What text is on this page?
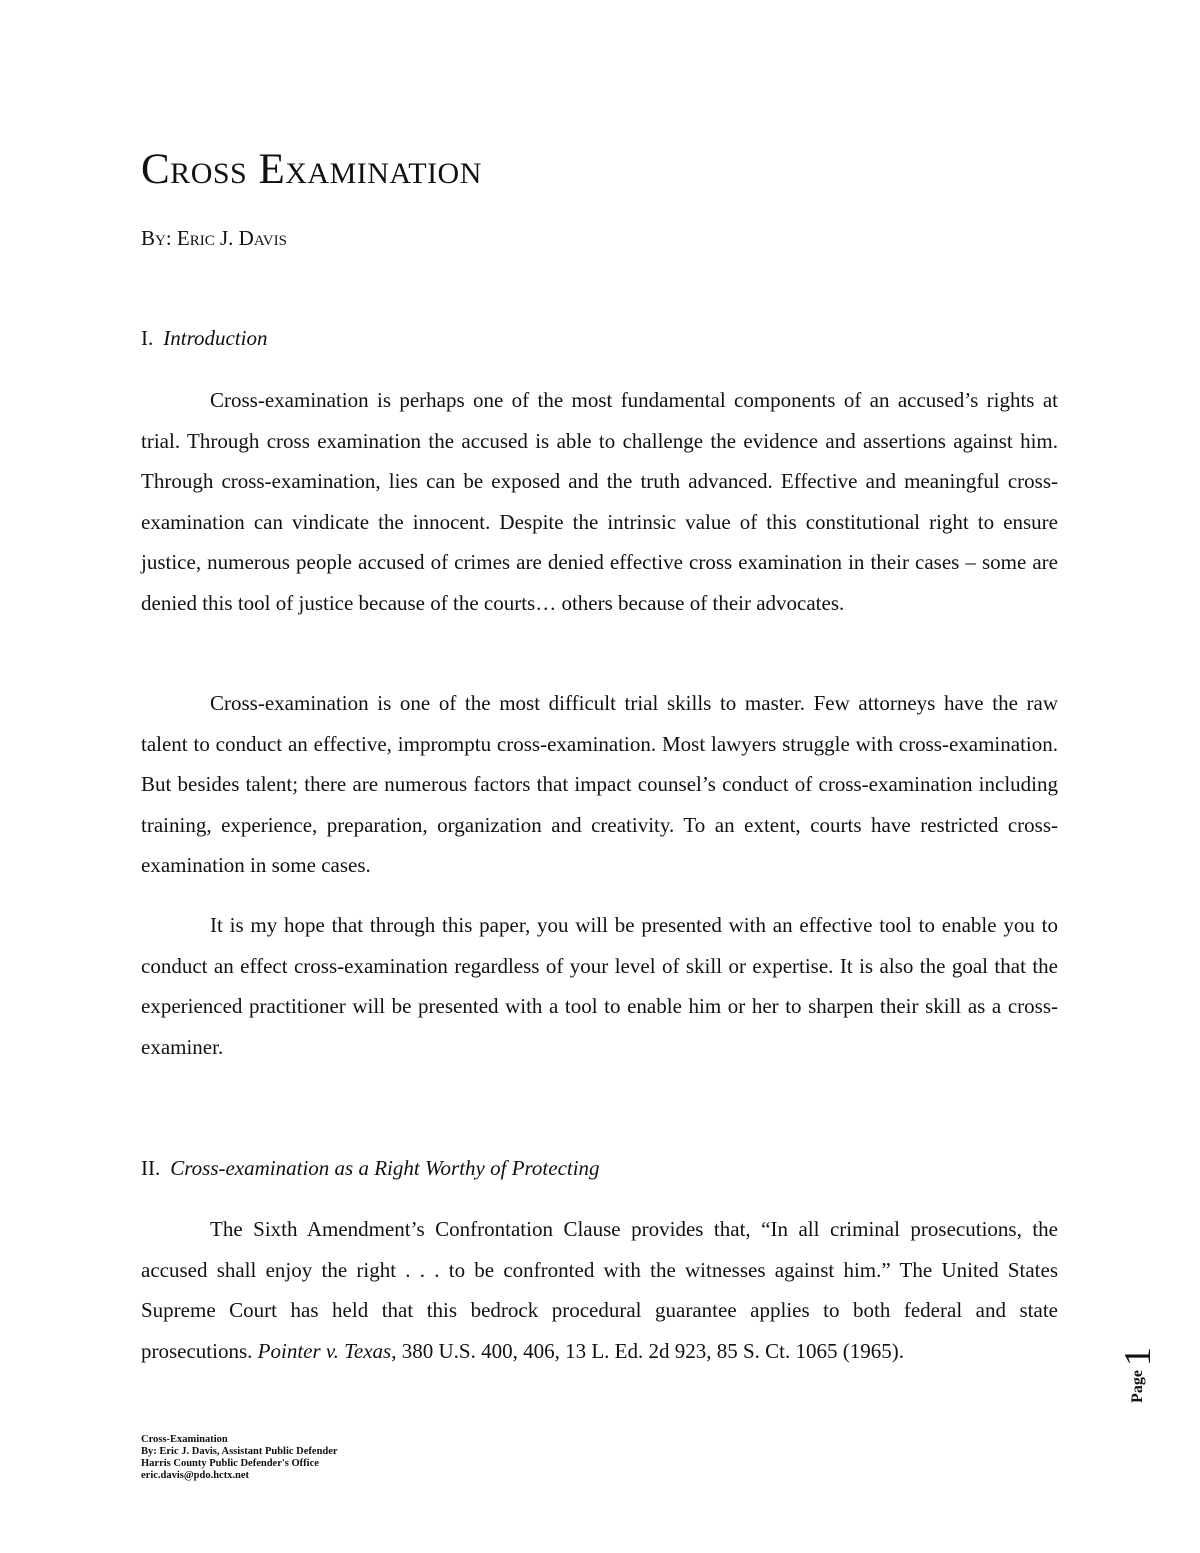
Cross Examination

By: Eric J. Davis

I. Introduction

Cross-examination is perhaps one of the most fundamental components of an accused’s rights at trial. Through cross examination the accused is able to challenge the evidence and assertions against him. Through cross-examination, lies can be exposed and the truth advanced. Effective and meaningful cross-examination can vindicate the innocent. Despite the intrinsic value of this constitutional right to ensure justice, numerous people accused of crimes are denied effective cross examination in their cases – some are denied this tool of justice because of the courts… others because of their advocates.

Cross-examination is one of the most difficult trial skills to master. Few attorneys have the raw talent to conduct an effective, impromptu cross-examination. Most lawyers struggle with cross-examination. But besides talent; there are numerous factors that impact counsel’s conduct of cross-examination including training, experience, preparation, organization and creativity. To an extent, courts have restricted cross-examination in some cases.

It is my hope that through this paper, you will be presented with an effective tool to enable you to conduct an effect cross-examination regardless of your level of skill or expertise. It is also the goal that the experienced practitioner will be presented with a tool to enable him or her to sharpen their skill as a cross-examiner.

II. Cross-examination as a Right Worthy of Protecting

The Sixth Amendment’s Confrontation Clause provides that, “In all criminal prosecutions, the accused shall enjoy the right . . . to be confronted with the witnesses against him.” The United States Supreme Court has held that this bedrock procedural guarantee applies to both federal and state prosecutions. Pointer v. Texas, 380 U.S. 400, 406, 13 L. Ed. 2d 923, 85 S. Ct. 1065 (1965).

Cross-Examination
By: Eric J. Davis, Assistant Public Defender
Harris County Public Defender's Office
eric.davis@pdo.hctx.net
Page
1
